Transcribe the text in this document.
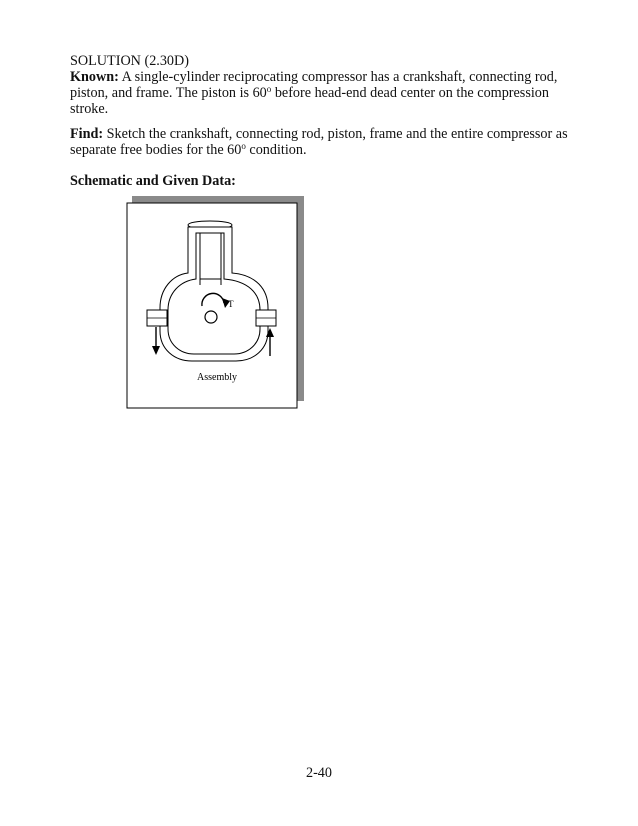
SOLUTION (2.30D)
Known: A single-cylinder reciprocating compressor has a crankshaft, connecting rod,
piston, and frame. The piston is 60$^o$ before head-end dead center on the compression
stroke.
Find: Sketch the crankshaft, connecting rod, piston, frame and the entire compressor as
separate free bodies for the 60$^o$ condition.
Schematic and Given Data:
T
Assembly
2-40
